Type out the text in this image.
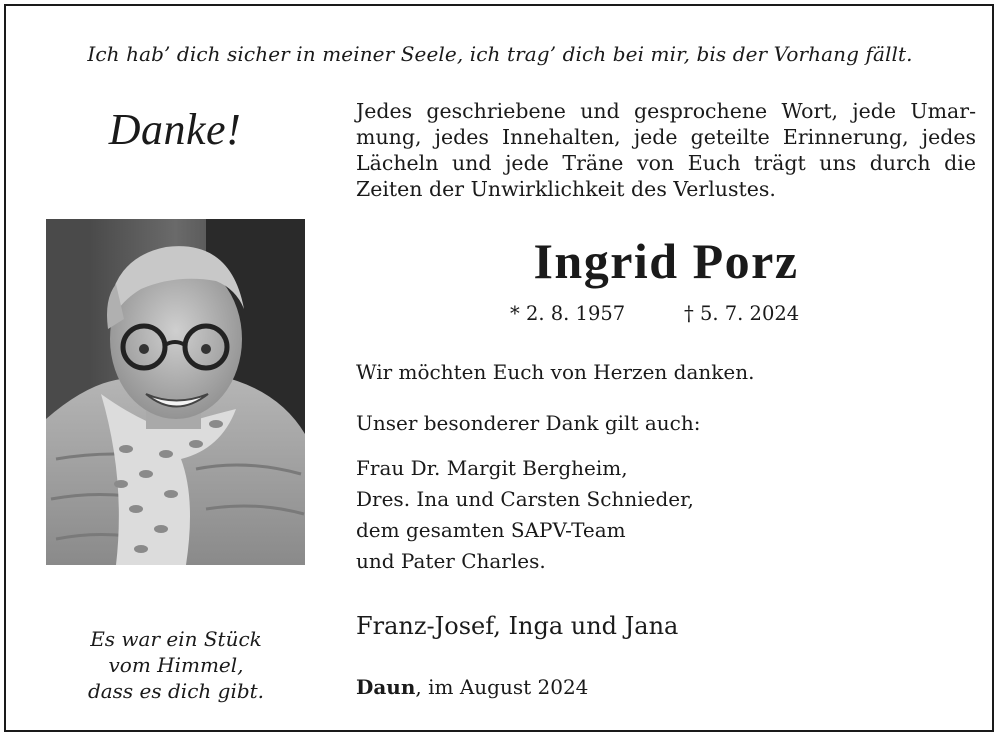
Ich hab’ dich sicher in meiner Seele, ich trag’ dich bei mir, bis der Vorhang fällt.
Danke!	Jedes geschriebene und gesprochene Wort, jede Umar-
mung, jedes Innehalten, jede geteilte Erinnerung, jedes
Lächeln und jede Träne von Euch trägt uns durch die
Zeiten der Unwirklichkeit des Verlustes.
Ingrid Porz
* 2. 8. 1957	† 5. 7. 2024
Wir möchten Euch von Herzen danken.
Unser besonderer Dank gilt auch:
Frau Dr. Margit Bergheim,
Dres. Ina und Carsten Schnieder,
dem gesamten SAPV-Team
und Pater Charles.
Es war ein Stück
vom Himmel,
dass es dich gibt.
Franz-Josef, Inga und Jana
Daun, im August 2024
